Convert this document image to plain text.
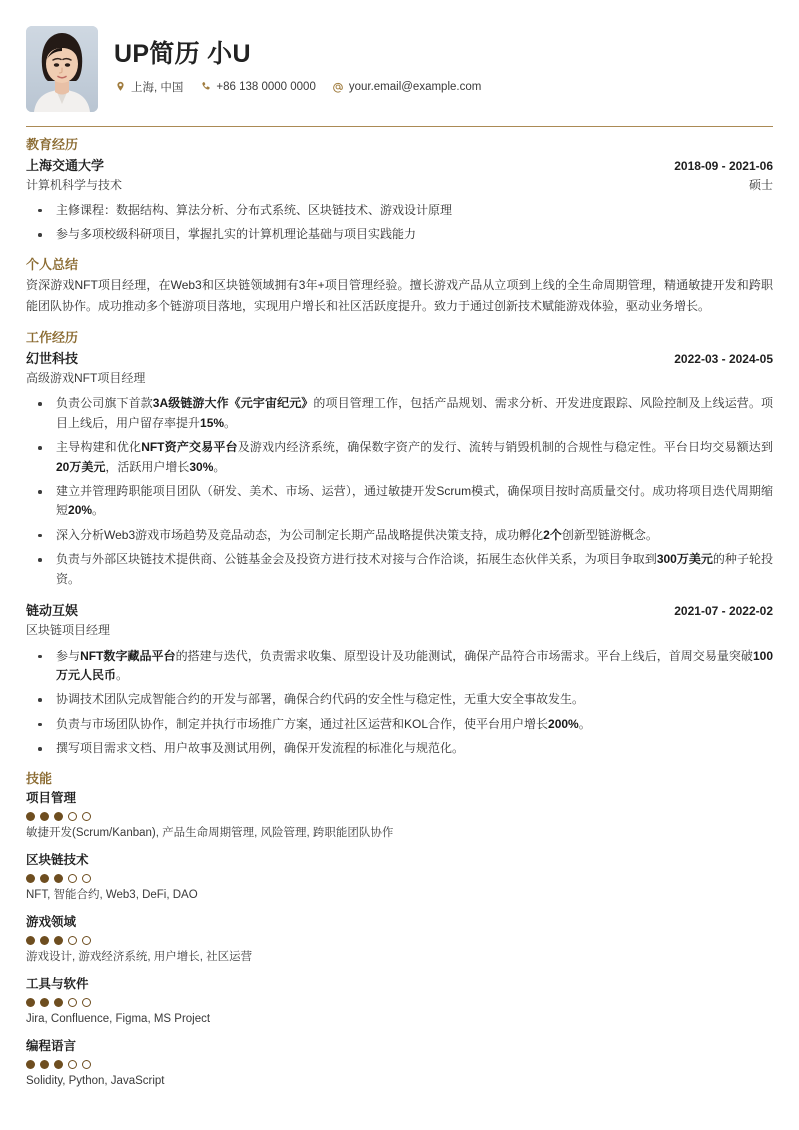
UP简历 小U
上海, 中国	+86 138 0000 0000	your.email@example.com
教育经历
上海交通大学	2018-09 - 2021-06
计算机科学与技术	硕士
主修课程：数据结构、算法分析、分布式系统、区块链技术、游戏设计原理
参与多项校级科研项目，掌握扎实的计算机理论基础与项目实践能力
个人总结

资深游戏NFT项目经理，在Web3和区块链领域拥有3年+项目管理经验。擅长游戏产品从立项到上线的全生命周期管理，精通敏捷开发和跨职能团队协作。成功推动多个链游项目落地，实现用户增长和社区活跃度提升。致力于通过创新技术赋能游戏体验，驱动业务增长。

工作经历
幻世科技	2022-03 - 2024-05
高级游戏NFT项目经理
负责公司旗下首款3A级链游大作《元宇宙纪元》的项目管理工作，包括产品规划、需求分析、开发进度跟踪、风险控制及上线运营。项目上线后，用户留存率提升15%。
主导构建和优化NFT资产交易平台及游戏内经济系统，确保数字资产的发行、流转与销毁机制的合规性与稳定性。平台日均交易额达到20万美元，活跃用户增长30%。
建立并管理跨职能项目团队（研发、美术、市场、运营），通过敏捷开发Scrum模式，确保项目按时高质量交付。成功将项目迭代周期缩短20%。
深入分析Web3游戏市场趋势及竞品动态，为公司制定长期产品战略提供决策支持，成功孵化2个创新型链游概念。
负责与外部区块链技术提供商、公链基金会及投资方进行技术对接与合作洽谈，拓展生态伙伴关系，为项目争取到300万美元的种子轮投资。
链动互娱	2021-07 - 2022-02
区块链项目经理
参与NFT数字藏品平台的搭建与迭代，负责需求收集、原型设计及功能测试，确保产品符合市场需求。平台上线后，首周交易量突破100万元人民币。
协调技术团队完成智能合约的开发与部署，确保合约代码的安全性与稳定性，无重大安全事故发生。
负责与市场团队协作，制定并执行市场推广方案，通过社区运营和KOL合作，使平台用户增长200%。
撰写项目需求文档、用户故事及测试用例，确保开发流程的标准化与规范化。
技能
项目管理
敏捷开发(Scrum/Kanban), 产品生命周期管理, 风险管理, 跨职能团队协作
区块链技术
NFT, 智能合约, Web3, DeFi, DAO
游戏领域
游戏设计, 游戏经济系统, 用户增长, 社区运营
工具与软件
Jira, Confluence, Figma, MS Project
编程语言
Solidity, Python, JavaScript
